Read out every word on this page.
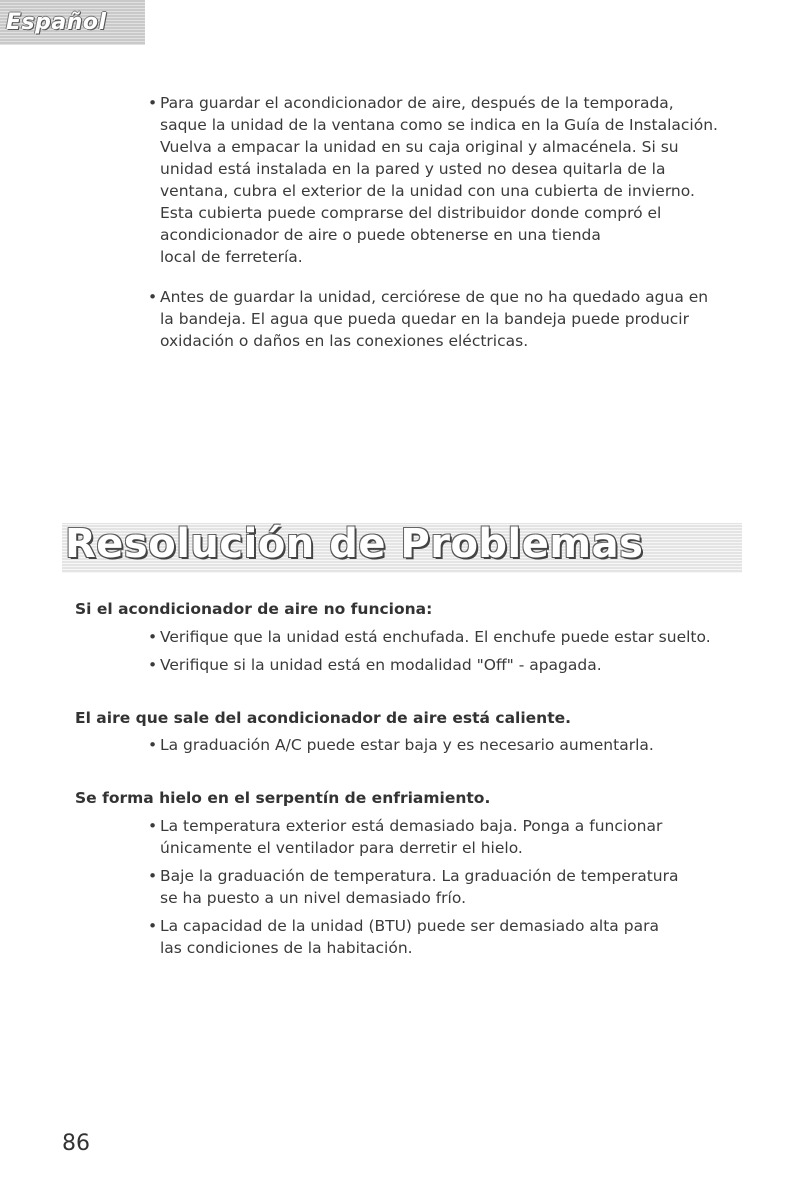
Español
• Para guardar el acondicionador de aire, después de la temporada,
saque la unidad de la ventana como se indica en la Guía de Instalación.
Vuelva a empacar la unidad en su caja original y almacénela. Si su
unidad está instalada en la pared y usted no desea quitarla de la
ventana, cubra el exterior de la unidad con una cubierta de invierno.
Esta cubierta puede comprarse del distribuidor donde compró el
acondicionador de aire o puede obtenerse en una tienda
local de ferretería.
• Antes de guardar la unidad, cerciórese de que no ha quedado agua en
la bandeja. El agua que pueda quedar en la bandeja puede producir
oxidación o daños en las conexiones eléctricas.
Resolución de Problemas
Si el acondicionador de aire no funciona:
• Verifique que la unidad está enchufada. El enchufe puede estar suelto.
• Verifique si la unidad está en modalidad "Off" - apagada.
El aire que sale del acondicionador de aire está caliente.
• La graduación A/C puede estar baja y es necesario aumentarla.
Se forma hielo en el serpentín de enfriamiento.
• La temperatura exterior está demasiado baja. Ponga a funcionar
únicamente el ventilador para derretir el hielo.
• Baje la graduación de temperatura. La graduación de temperatura
se ha puesto a un nivel demasiado frío.
• La capacidad de la unidad (BTU) puede ser demasiado alta para
las condiciones de la habitación.
86
